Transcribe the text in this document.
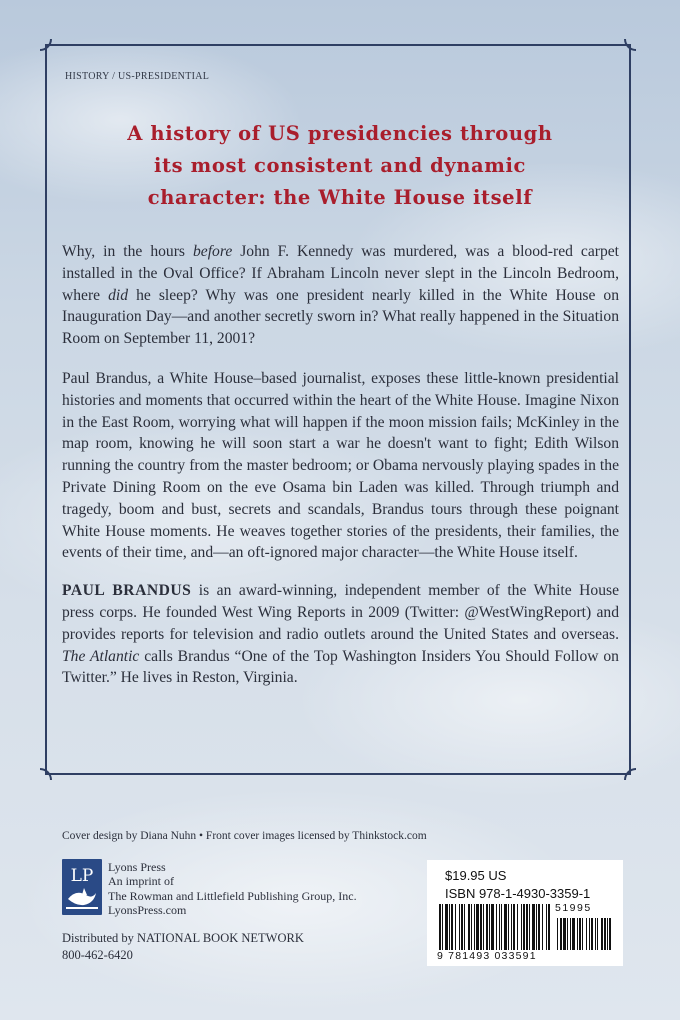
HISTORY / US-PRESIDENTIAL
A history of US presidencies through
its most consistent and dynamic
character: the White House itself

Why, in the hours before John F. Kennedy was murdered, was a blood-red carpet installed in the Oval Office? If Abraham Lincoln never slept in the Lincoln Bedroom, where did he sleep? Why was one president nearly killed in the White House on Inauguration Day—and another secretly sworn in? What really happened in the Situation Room on September 11, 2001?

Paul Brandus, a White House–based journalist, exposes these little-known presidential histories and moments that occurred within the heart of the White House. Imagine Nixon in the East Room, worrying what will happen if the moon mission fails; McKinley in the map room, knowing he will soon start a war he doesn't want to fight; Edith Wilson running the country from the master bedroom; or Obama nervously playing spades in the Private Dining Room on the eve Osama bin Laden was killed. Through triumph and tragedy, boom and bust, secrets and scandals, Brandus tours through these poignant White House moments. He weaves together stories of the presidents, their families, the events of their time, and—an oft-ignored major character—the White House itself.

PAUL BRANDUS is an award-winning, independent member of the White House press corps. He founded West Wing Reports in 2009 (Twitter: @WestWingReport) and provides reports for television and radio outlets around the United States and overseas. The Atlantic calls Brandus “One of the Top Washington Insiders You Should Follow on Twitter.” He lives in Reston, Virginia.

Cover design by Diana Nuhn • Front cover images licensed by Thinkstock.com
LP Lyons Press
An imprint of
The Rowman and Littlefield Publishing Group, Inc.
LyonsPress.com
Distributed by NATIONAL BOOK NETWORK
800-462-6420
$19.95 US
ISBN 978-1-4930-3359-1
51995
9 781493 033591
